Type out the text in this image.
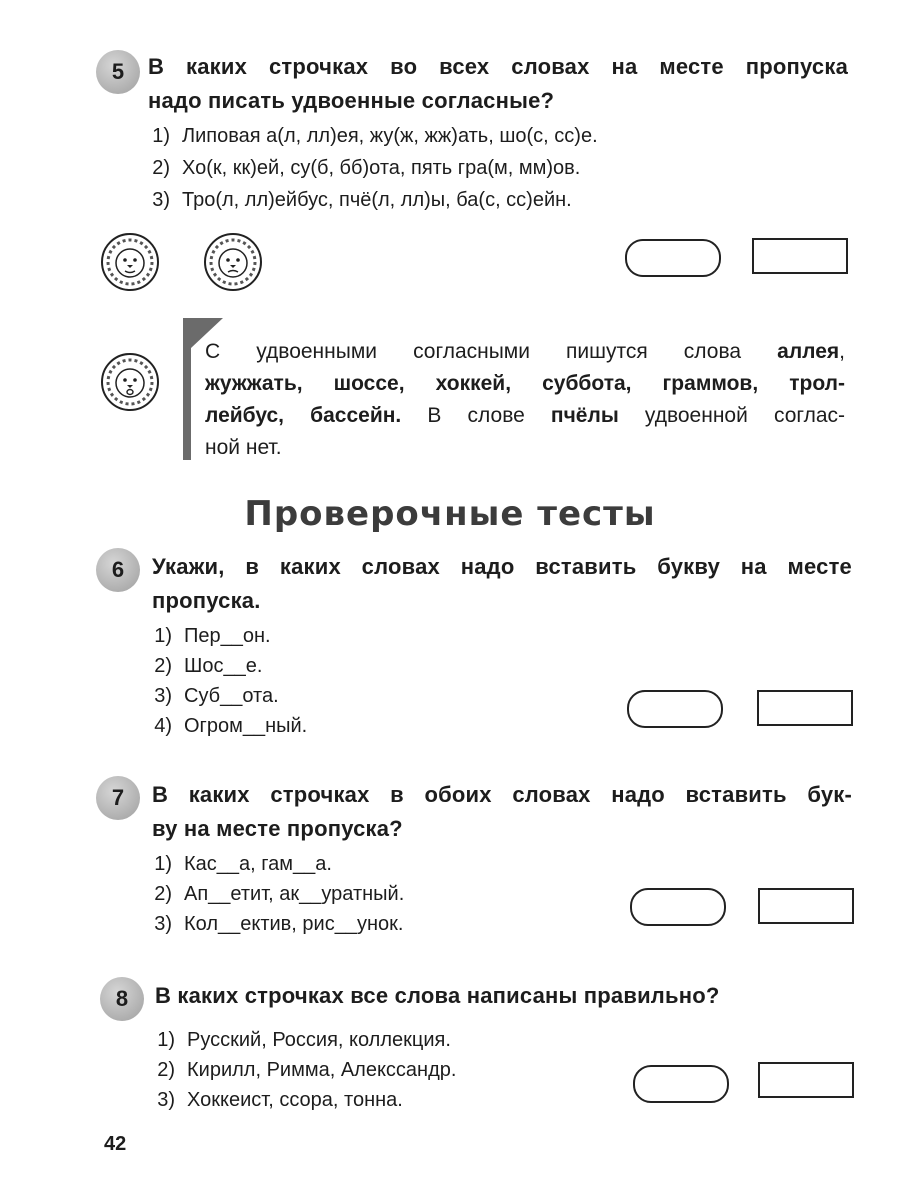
5 В каких строчках во всех словах на месте пропуска
надо писать удвоенные согласные?
1) Липовая а(л, лл)ея, жу(ж, жж)ать, шо(с, сс)е.
2) Хо(к, кк)ей, су(б, бб)ота, пять гра(м, мм)ов.
3) Тро(л, лл)ейбус, пчё(л, лл)ы, ба(с, сс)ейн.
С удвоенными согласными пишутся слова аллея,
жужжать, шоссе, хоккей, суббота, граммов, трол-
лейбус, бассейн. В слове пчёлы удвоенной соглас-
ной нет.
Проверочные тесты
6 Укажи, в каких словах надо вставить букву на месте
пропуска.
1) Пер__он.
2) Шос__е.
3) Суб__ота.
4) Огром__ный.
7 В каких строчках в обоих словах надо вставить бук-
ву на месте пропуска?
1) Кас__а, гам__а.
2) Ап__етит, ак__уратный.
3) Кол__ектив, рис__унок.
8 В каких строчках все слова написаны правильно?
1) Русский, Россия, коллекция.
2) Кирилл, Римма, Алекссандр.
3) Хоккеист, ссора, тонна.
42
